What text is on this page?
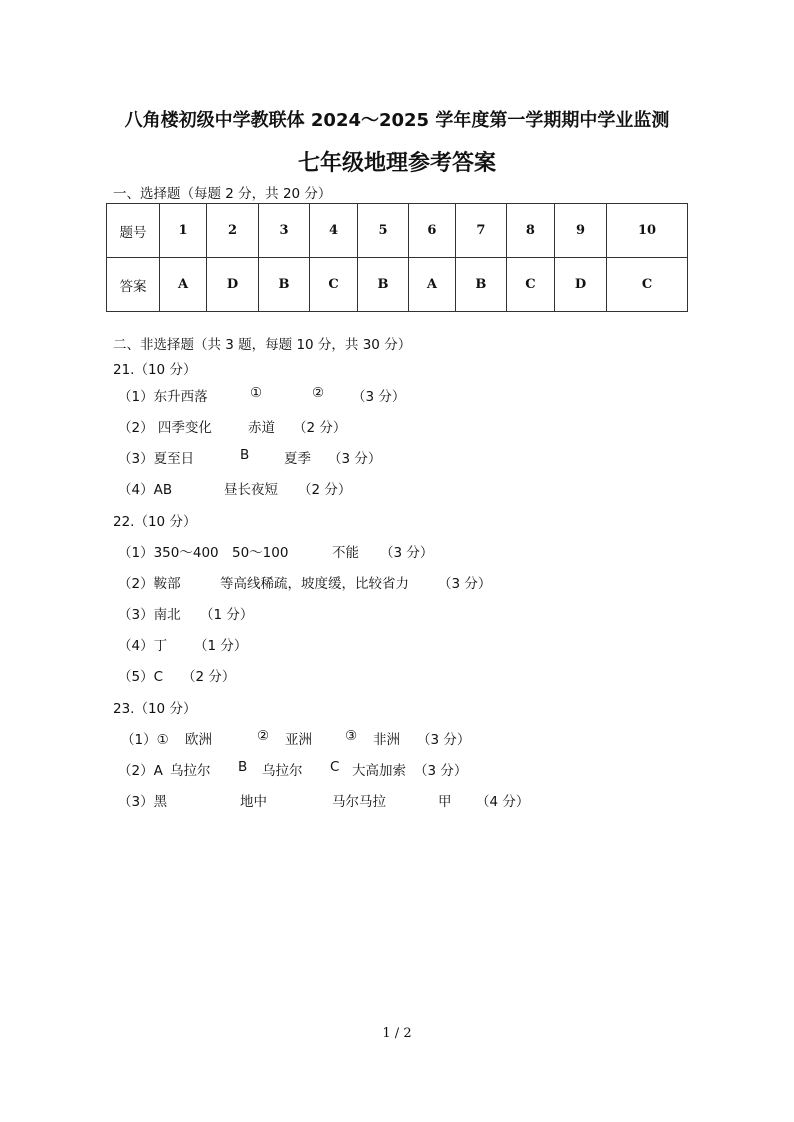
八角楼初级中学教联体 2024～2025 学年度第一学期期中学业监测
七年级地理参考答案
一、选择题（每题 2 分，共 20 分）
题号	1	2	3	4	5	6	7	8	9	10
答案	A	D	B	C	B	A	B	C	D	C
二、非选择题（共 3 题，每题 10 分，共 30 分）
21.（10 分）

（1）东升西落

	①

	②

（3 分）

（2） 四季变化

	赤道

（2 分）

（3）夏至日

	B

	夏季

（3 分）

（4）AB

	昼长夜短

（2 分）

22.（10 分）

（1）350～400

50～100

	不能

（3 分）

（2）鞍部

	等高线稀疏，坡度缓，比较省力

（3 分）

（3）南北

（1 分）

（4）丁

（1 分）

（5）C

（2 分）

23.（10 分）

（1）①

欧洲

	②

亚洲

③

非洲

（3 分）

（2）A

乌拉尔

B

乌拉尔

C

大高加索

（3 分）

（3）黑

	地中

	马尔马拉

	甲

（4 分）

1 / 2
